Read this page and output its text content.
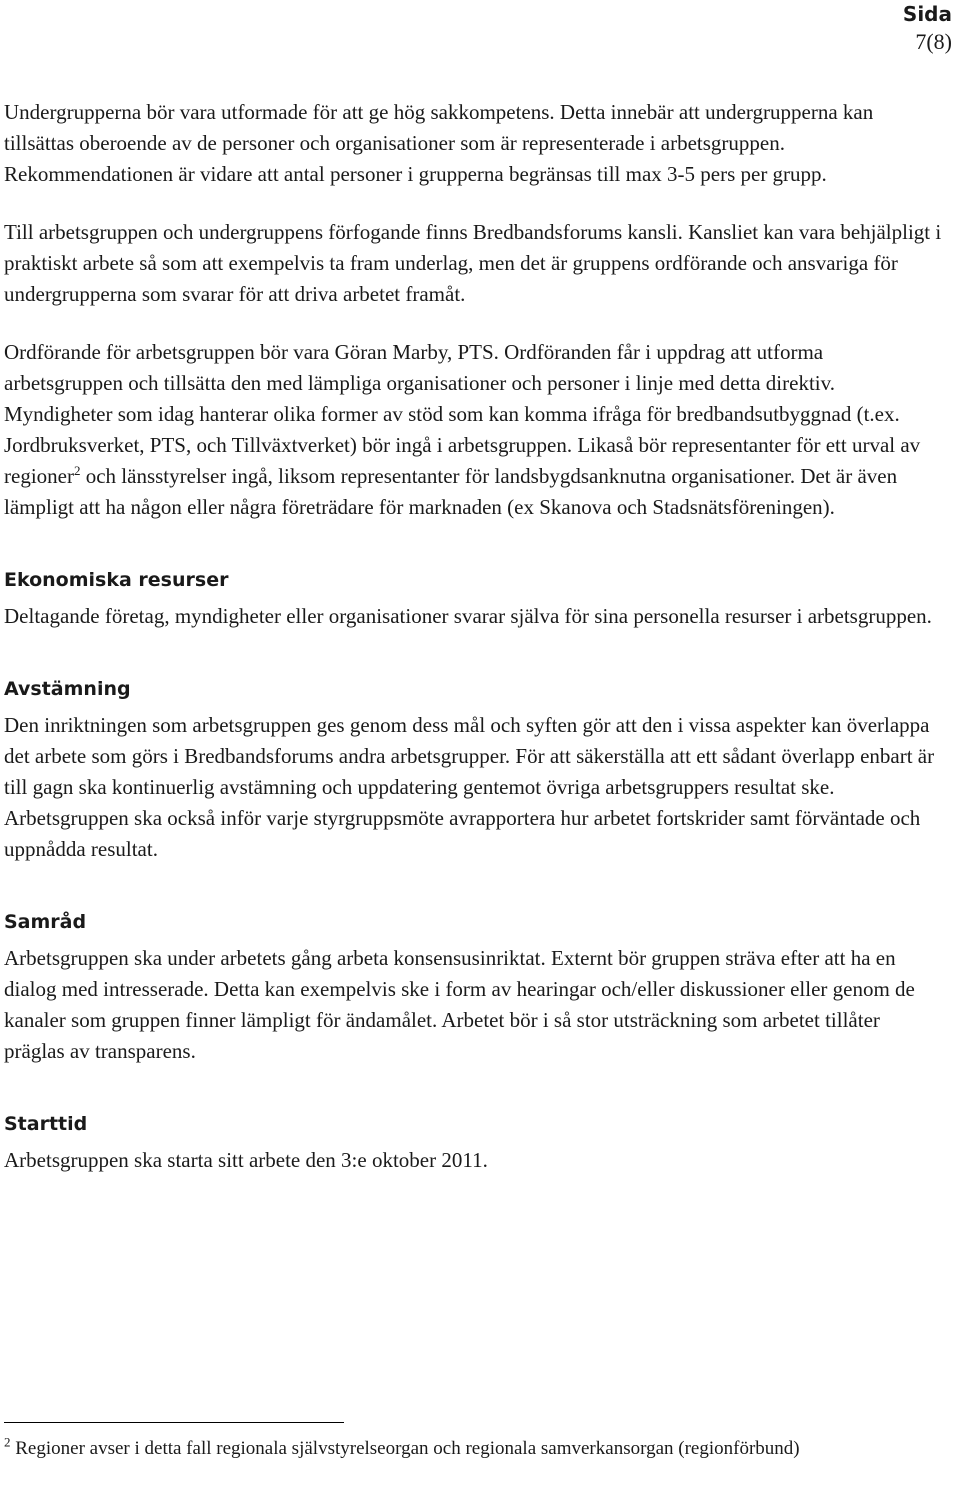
Sida
7(8)

Undergrupperna bör vara utformade för att ge hög sakkompetens. Detta innebär att undergrupperna kan tillsättas oberoende av de personer och organisationer som är representerade i arbetsgruppen. Rekommendationen är vidare att antal personer i grupperna begränsas till max 3-5 pers per grupp.

Till arbetsgruppen och undergruppens förfogande finns Bredbandsforums kansli. Kansliet kan vara behjälpligt i praktiskt arbete så som att exempelvis ta fram underlag, men det är gruppens ordförande och ansvariga för undergrupperna som svarar för att driva arbetet framåt.

Ordförande för arbetsgruppen bör vara Göran Marby, PTS. Ordföranden får i uppdrag att utforma arbetsgruppen och tillsätta den med lämpliga organisationer och personer i linje med detta direktiv. Myndigheter som idag hanterar olika former av stöd som kan komma ifråga för bredbandsutbyggnad (t.ex. Jordbruksverket, PTS, och Tillväxtverket) bör ingå i arbetsgruppen. Likaså bör representanter för ett urval av regioner$^2$ och länsstyrelser ingå, liksom representanter för landsbygdsanknutna organisationer. Det är även lämpligt att ha någon eller några företrädare för marknaden (ex Skanova och Stadsnätsföreningen).

Ekonomiska resurser

Deltagande företag, myndigheter eller organisationer svarar själva för sina personella resurser i arbetsgruppen.

Avstämning

Den inriktningen som arbetsgruppen ges genom dess mål och syften gör att den i vissa aspekter kan överlappa det arbete som görs i Bredbandsforums andra arbetsgrupper. För att säkerställa att ett sådant överlapp enbart är till gagn ska kontinuerlig avstämning och uppdatering gentemot övriga arbetsgruppers resultat ske. Arbetsgruppen ska också inför varje styrgruppsmöte avrapportera hur arbetet fortskrider samt förväntade och uppnådda resultat.

Samråd

Arbetsgruppen ska under arbetets gång arbeta konsensusinriktat. Externt bör gruppen sträva efter att ha en dialog med intresserade. Detta kan exempelvis ske i form av hearingar och/eller diskussioner eller genom de kanaler som gruppen finner lämpligt för ändamålet. Arbetet bör i så stor utsträckning som arbetet tillåter präglas av transparens.

Starttid

Arbetsgruppen ska starta sitt arbete den 3:e oktober 2011.

$^2$ Regioner avser i detta fall regionala självstyrelseorgan och regionala samverkansorgan (regionförbund)
